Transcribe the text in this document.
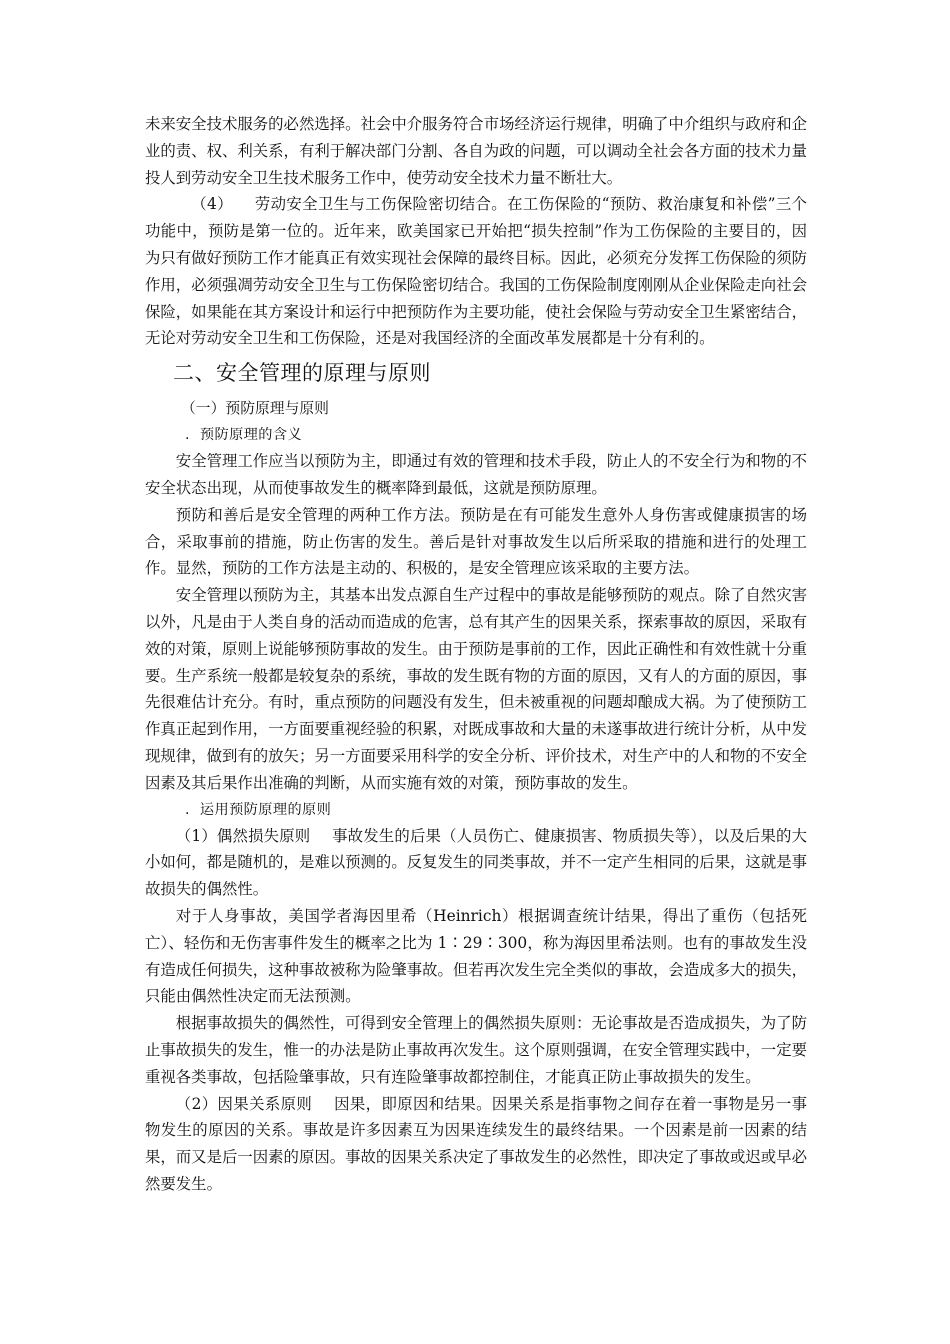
未来安全技术服务的必然选择。社会中介服务符合市场经济运行规律，明确了中介组织与政府和企业的责、权、利关系，有利于解决部门分割、各自为政的问题，可以调动全社会各方面的技术力量投人到劳动安全卫生技术服务工作中，使劳动安全技术力量不断壮大。

（4） 劳动安全卫生与工伤保险密切结合。在工伤保险的“预防、救治康复和补偿”三个功能中，预防是第一位的。近年来，欧美国家已开始把“损失控制”作为工伤保险的主要目的，因为只有做好预防工作才能真正有效实现社会保障的最终目标。因此，必须充分发挥工伤保险的须防作用，必须强凋劳动安全卫生与工伤保险密切结合。我国的工伤保险制度刚刚从企业保险走向社会保险，如果能在其方案设计和运行中把预防作为主要功能，使社会保险与劳动安全卫生紧密结合，无论对劳动安全卫生和工伤保险，还是对我国经济的全面改革发展都是十分有利的。

二、安全管理的原理与原则
（一）预防原理与原则
. 预防原理的含义

安全管理工作应当以预防为主，即通过有效的管理和技术手段，防止人的不安全行为和物的不安全状态出现，从而使事故发生的概率降到最低，这就是预防原理。

预防和善后是安全管理的两种工作方法。预防是在有可能发生意外人身伤害或健康损害的场合，采取事前的措施，防止伤害的发生。善后是针对事故发生以后所采取的措施和进行的处理工作。显然，预防的工作方法是主动的、积极的，是安全管理应该采取的主要方法。

安全管理以预防为主，其基本出发点源自生产过程中的事故是能够预防的观点。除了自然灾害以外，凡是由于人类自身的活动而造成的危害，总有其产生的因果关系，探索事故的原因，采取有效的对策，原则上说能够预防事故的发生。由于预防是事前的工作，因此正确性和有效性就十分重要。生产系统一般都是较复杂的系统，事故的发生既有物的方面的原因，又有人的方面的原因，事先很难估计充分。有时，重点预防的问题没有发生，但未被重视的问题却酿成大祸。为了使预防工作真正起到作用，一方面要重视经验的积累，对既成事故和大量的未遂事故进行统计分析，从中发现规律，做到有的放矢；另一方面要采用科学的安全分析、评价技术，对生产中的人和物的不安全因素及其后果作出准确的判断，从而实施有效的对策，预防事故的发生。

. 运用预防原理的原则

（1）偶然损失原则 事故发生的后果（人员伤亡、健康损害、物质损失等），以及后果的大小如何，都是随机的，是难以预测的。反复发生的同类事故，并不一定产生相同的后果，这就是事故损失的偶然性。

对于人身事故，美国学者海因里希（Heinrich）根据调查统计结果，得出了重伤（包括死亡）、轻伤和无伤害事件发生的概率之比为 1∶29∶300，称为海因里希法则。也有的事故发生没有造成任何损失，这种事故被称为险肇事故。但若再次发生完全类似的事故，会造成多大的损失，只能由偶然性决定而无法预测。

根据事故损失的偶然性，可得到安全管理上的偶然损失原则：无论事故是否造成损失，为了防止事故损失的发生，惟一的办法是防止事故再次发生。这个原则强调，在安全管理实践中，一定要重视各类事故，包括险肇事故，只有连险肇事故都控制住，才能真正防止事故损失的发生。

（2）因果关系原则 因果，即原因和结果。因果关系是指事物之间存在着一事物是另一事物发生的原因的关系。事故是许多因素互为因果连续发生的最终结果。一个因素是前一因素的结果，而又是后一因素的原因。事故的因果关系决定了事故发生的必然性，即决定了事故或迟或早必然要发生。
